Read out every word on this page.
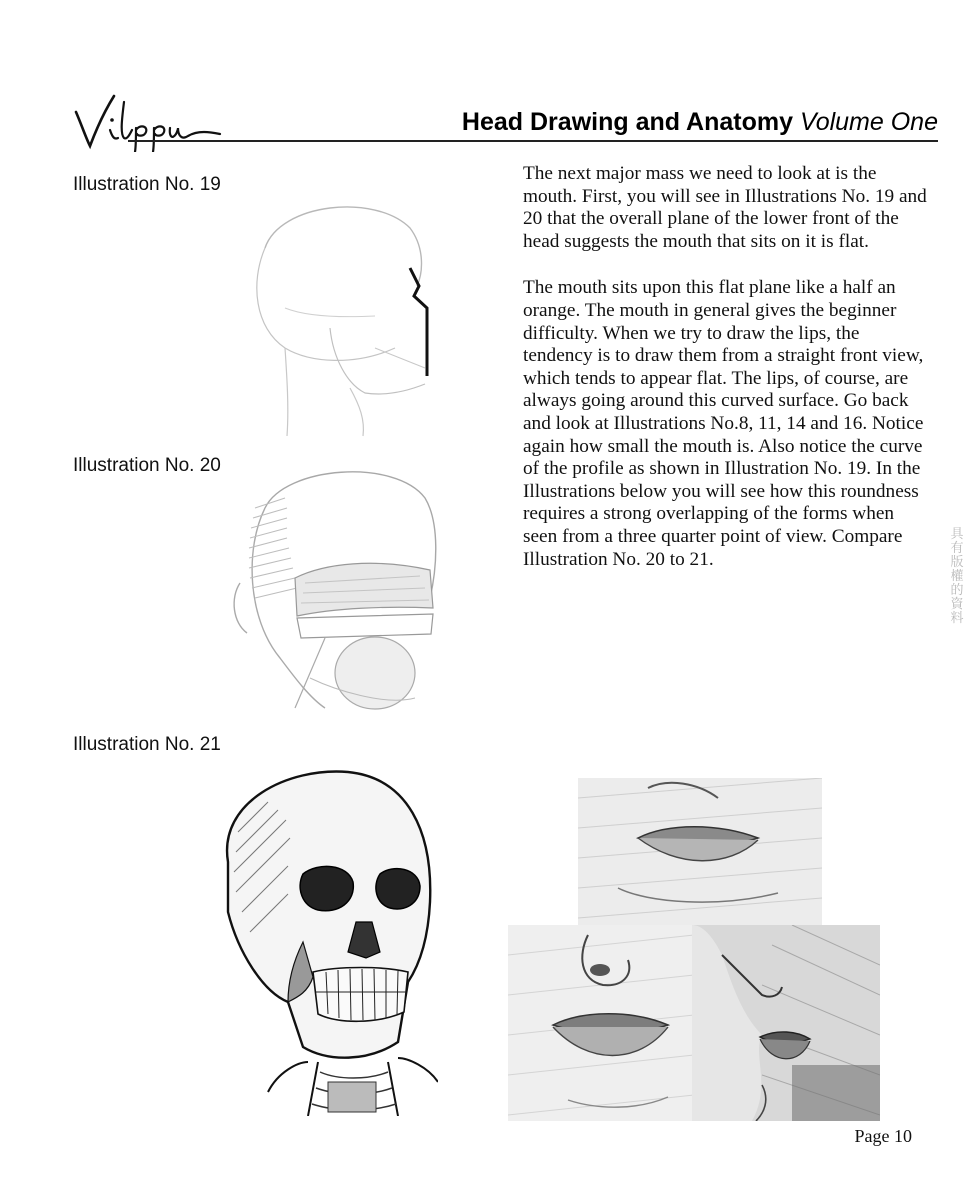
Head Drawing and Anatomy Volume One
Illustration No. 19
Illustration No. 20
Illustration No. 21

The next major mass we need to look at is the mouth. First, you will see in Illustrations No. 19 and 20 that the overall plane of the lower front of the head suggests the mouth that sits on it is flat.

The mouth sits upon this flat plane like a half an orange. The mouth in general gives the beginner difficulty. When we try to draw the lips, the tendency is to draw them from a straight front view, which tends to appear flat. The lips, of course, are always going around this curved surface. Go back and look at Illustrations No.8, 11, 14 and 16. Notice again how small the mouth is. Also notice the curve of the profile as shown in Illustration No. 19. In the Illustrations below you will see how this roundness requires a strong overlapping of the forms when seen from a three quarter point of view. Compare Illustration No. 20 to 21.

具有版權的資料
Page 10
